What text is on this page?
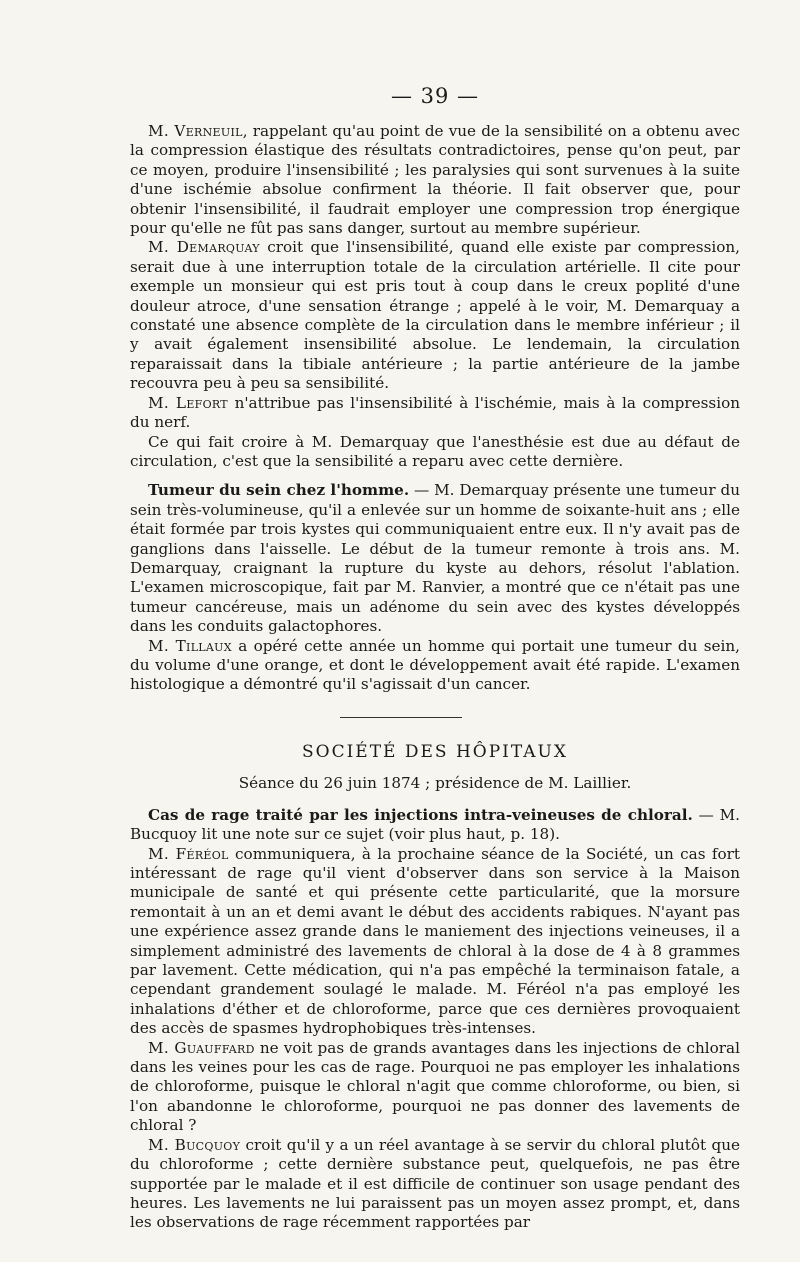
— 39 —

M. Verneuil, rappelant qu'au point de vue de la sensibilité on a obtenu avec la compression élastique des résultats contradictoires, pense qu'on peut, par ce moyen, produire l'insensibilité ; les paralysies qui sont survenues à la suite d'une ischémie absolue confirment la théorie. Il fait observer que, pour obtenir l'insensibilité, il faudrait employer une compression trop énergique pour qu'elle ne fût pas sans danger, surtout au membre supérieur.

M. Demarquay croit que l'insensibilité, quand elle existe par compression, serait due à une interruption totale de la circulation artérielle. Il cite pour exemple un monsieur qui est pris tout à coup dans le creux poplité d'une douleur atroce, d'une sensation étrange ; appelé à le voir, M. Demarquay a constaté une absence complète de la circulation dans le membre inférieur ; il y avait également insensibilité absolue. Le lendemain, la circulation reparaissait dans la tibiale antérieure ; la partie antérieure de la jambe recouvra peu à peu sa sensibilité.

M. Lefort n'attribue pas l'insensibilité à l'ischémie, mais à la compression du nerf.

Ce qui fait croire à M. Demarquay que l'anesthésie est due au défaut de circulation, c'est que la sensibilité a reparu avec cette dernière.

Tumeur du sein chez l'homme. — M. Demarquay présente une tumeur du sein très-volumineuse, qu'il a enlevée sur un homme de soixante-huit ans ; elle était formée par trois kystes qui communiquaient entre eux. Il n'y avait pas de ganglions dans l'aisselle. Le début de la tumeur remonte à trois ans. M. Demarquay, craignant la rupture du kyste au dehors, résolut l'ablation. L'examen microscopique, fait par M. Ranvier, a montré que ce n'était pas une tumeur cancéreuse, mais un adénome du sein avec des kystes développés dans les conduits galactophores.

M. Tillaux a opéré cette année un homme qui portait une tumeur du sein, du volume d'une orange, et dont le développement avait été rapide. L'examen histologique a démontré qu'il s'agissait d'un cancer.

SOCIÉTÉ DES HÔPITAUX
Séance du 26 juin 1874 ; présidence de M. Laillier.

Cas de rage traité par les injections intra-veineuses de chloral. — M. Bucquoy lit une note sur ce sujet (voir plus haut, p. 18).

M. Féréol communiquera, à la prochaine séance de la Société, un cas fort intéressant de rage qu'il vient d'observer dans son service à la Maison municipale de santé et qui présente cette particularité, que la morsure remontait à un an et demi avant le début des accidents rabiques. N'ayant pas une expérience assez grande dans le maniement des injections veineuses, il a simplement administré des lavements de chloral à la dose de 4 à 8 grammes par lavement. Cette médication, qui n'a pas empêché la terminaison fatale, a cependant grandement soulagé le malade. M. Féréol n'a pas employé les inhalations d'éther et de chloroforme, parce que ces dernières provoquaient des accès de spasmes hydrophobiques très-intenses.

M. Guauffard ne voit pas de grands avantages dans les injections de chloral dans les veines pour les cas de rage. Pourquoi ne pas employer les inhalations de chloroforme, puisque le chloral n'agit que comme chloroforme, ou bien, si l'on abandonne le chloroforme, pourquoi ne pas donner des lavements de chloral ?

M. Bucquoy croit qu'il y a un réel avantage à se servir du chloral plutôt que du chloroforme ; cette dernière substance peut, quelquefois, ne pas être supportée par le malade et il est difficile de continuer son usage pendant des heures. Les lavements ne lui paraissent pas un moyen assez prompt, et, dans les observations de rage récemment rapportées par
